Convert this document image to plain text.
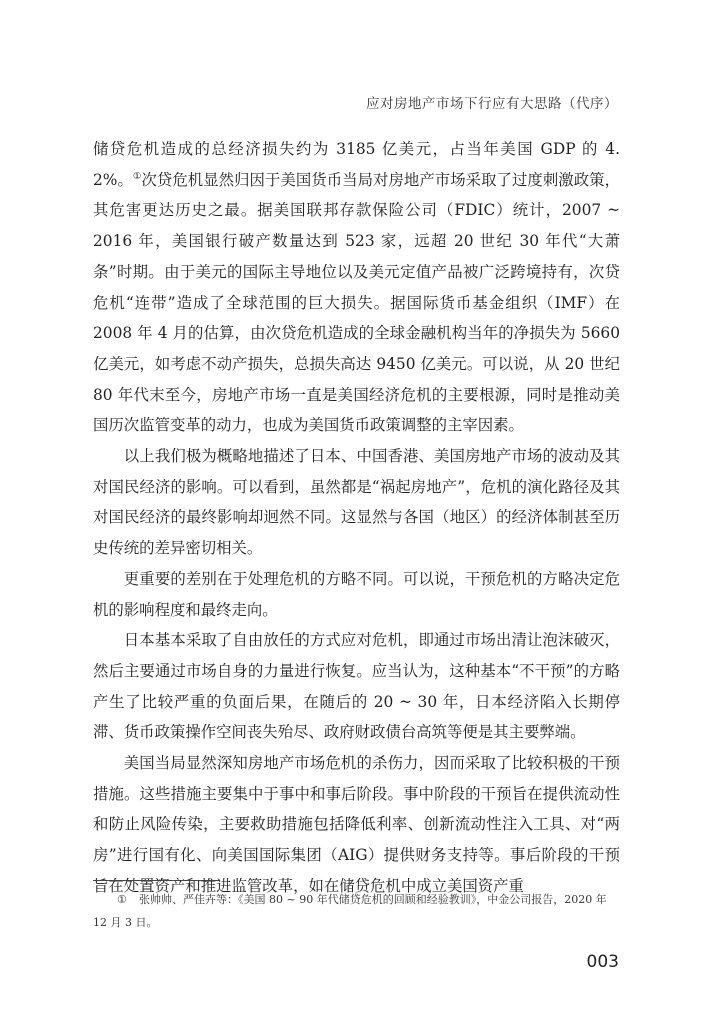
应对房地产市场下行应有大思路（代序）

储贷危机造成的总经济损失约为 3185 亿美元，占当年美国 GDP 的 4. 2%。①次贷危机显然归因于美国货币当局对房地产市场采取了过度刺激政策，其危害更达历史之最。据美国联邦存款保险公司（FDIC）统计，2007 ~ 2016 年，美国银行破产数量达到 523 家，远超 20 世纪 30 年代“大萧条”时期。由于美元的国际主导地位以及美元定值产品被广泛跨境持有，次贷危机“连带”造成了全球范围的巨大损失。据国际货币基金组织（IMF）在 2008 年 4 月的估算，由次贷危机造成的全球金融机构当年的净损失为 5660 亿美元，如考虑不动产损失，总损失高达 9450 亿美元。可以说，从 20 世纪 80 年代末至今，房地产市场一直是美国经济危机的主要根源，同时是推动美国历次监管变革的动力，也成为美国货币政策调整的主宰因素。

以上我们极为概略地描述了日本、中国香港、美国房地产市场的波动及其对国民经济的影响。可以看到，虽然都是“祸起房地产”，危机的演化路径及其对国民经济的最终影响却迥然不同。这显然与各国（地区）的经济体制甚至历史传统的差异密切相关。

更重要的差别在于处理危机的方略不同。可以说，干预危机的方略决定危机的影响程度和最终走向。

日本基本采取了自由放任的方式应对危机，即通过市场出清让泡沫破灭，然后主要通过市场自身的力量进行恢复。应当认为，这种基本“不干预”的方略产生了比较严重的负面后果，在随后的 20 ~ 30 年，日本经济陷入长期停滞、货币政策操作空间丧失殆尽、政府财政债台高筑等便是其主要弊端。

美国当局显然深知房地产市场危机的杀伤力，因而采取了比较积极的干预措施。这些措施主要集中于事中和事后阶段。事中阶段的干预旨在提供流动性和防止风险传染，主要救助措施包括降低利率、创新流动性注入工具、对“两房”进行国有化、向美国国际集团（AIG）提供财务支持等。事后阶段的干预旨在处置资产和推进监管改革，如在储贷危机中成立美国资产重

① 张帅帅、严佳卉等：《美国 80 ~ 90 年代储贷危机的回顾和经验教训》，中金公司报告，2020 年 12 月 3 日。
003
